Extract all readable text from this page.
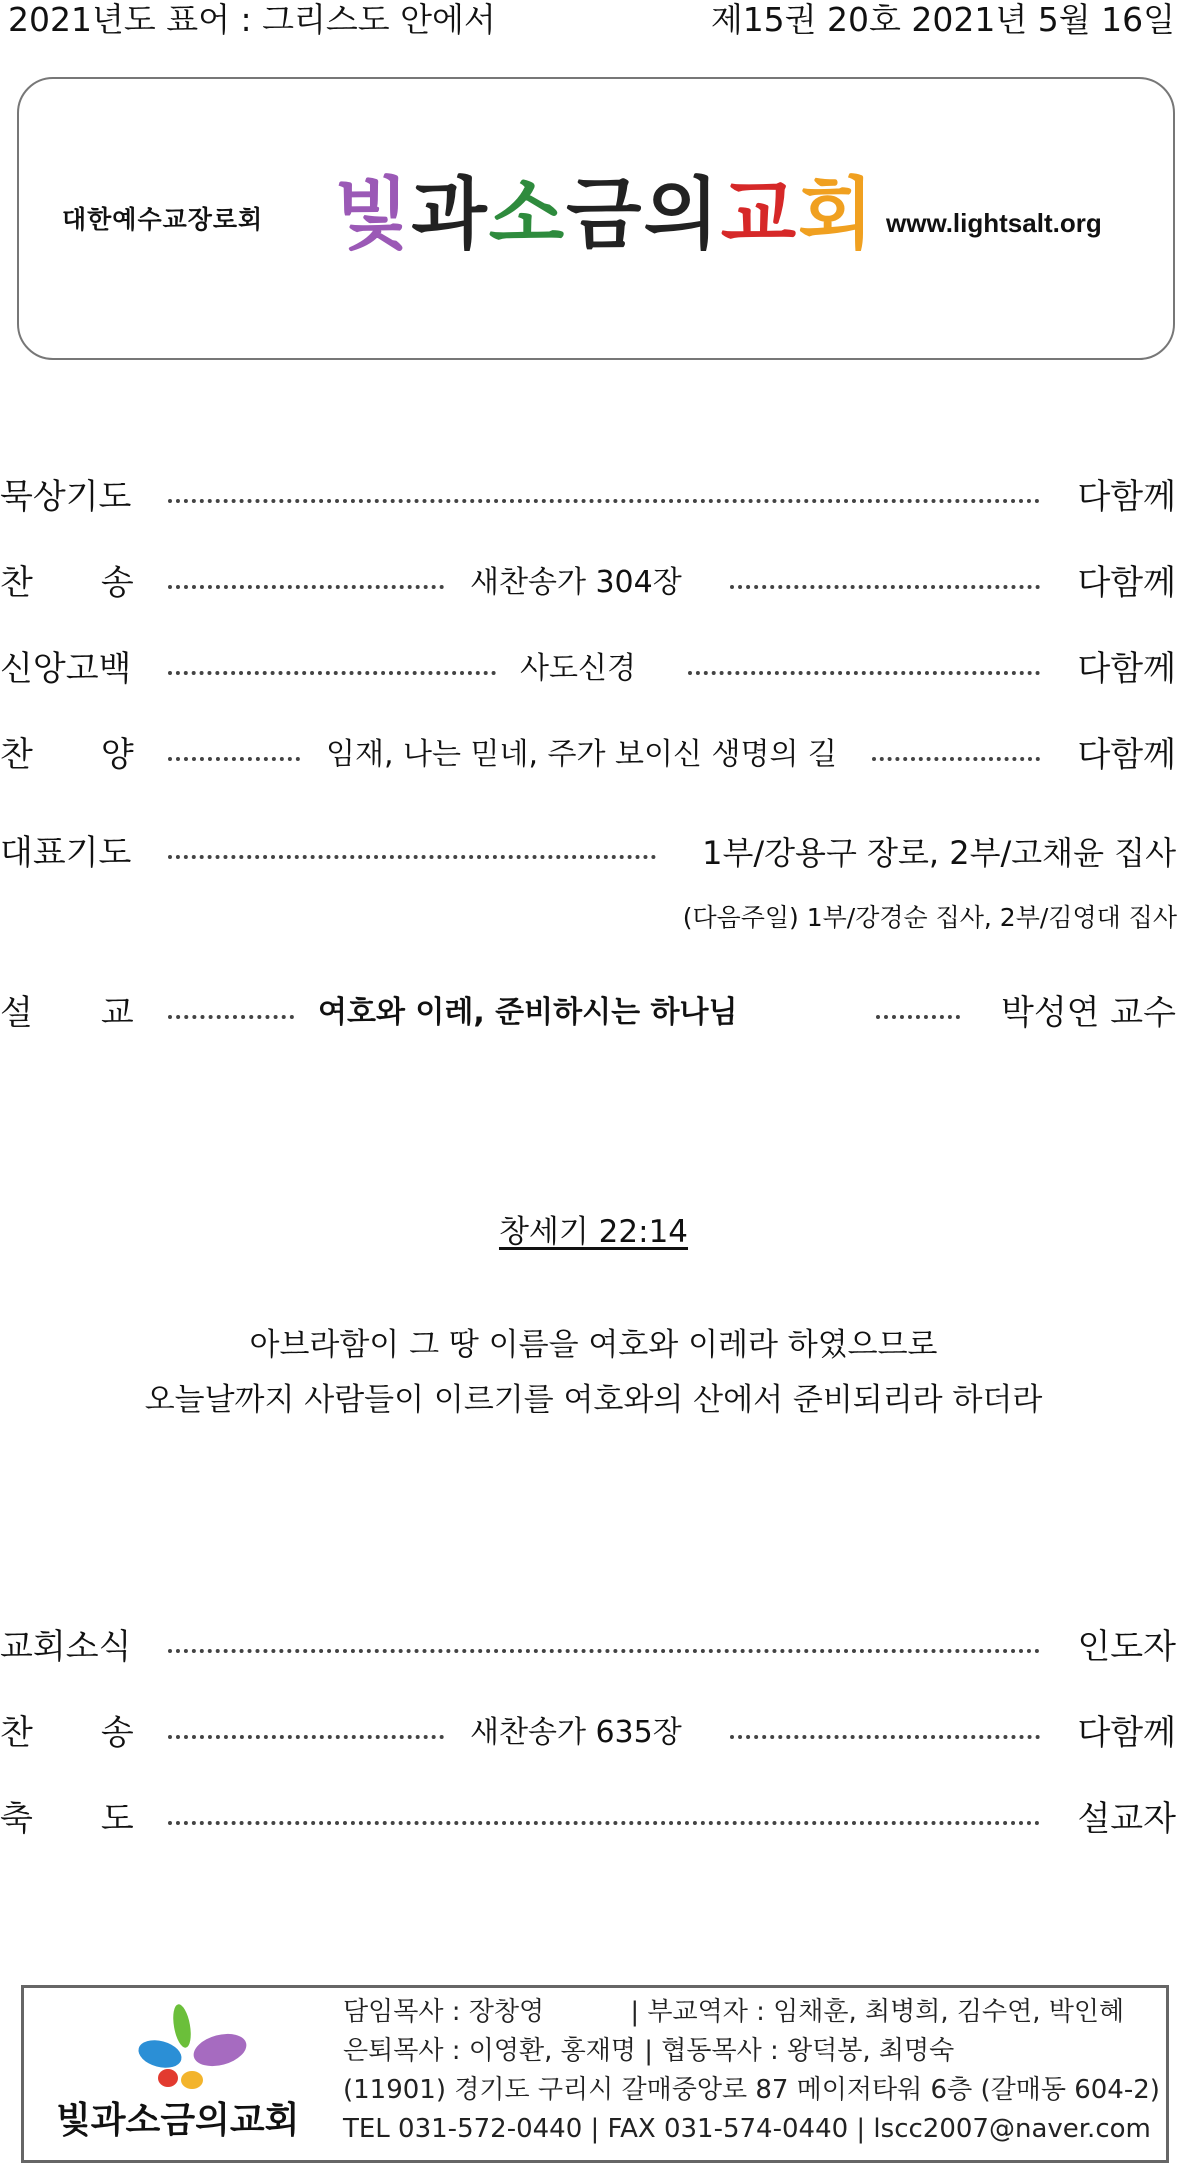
2021년도 표어 : 그리스도 안에서	제15권 20호 2021년 5월 16일
대한예수교장로회 빛과소금의교회 www.lightsalt.org
묵상기도	다함께
찬　　송	새찬송가 304장	다함께
신앙고백	사도신경	다함께
찬　　양	임재, 나는 믿네, 주가 보이신 생명의 길	다함께
대표기도	1부/강용구 장로, 2부/고채윤 집사
(다음주일) 1부/강경순 집사, 2부/김영대 집사
설　　교	여호와 이레, 준비하시는 하나님	박성연 교수
창세기 22:14
아브라함이 그 땅 이름을 여호와 이레라 하였으므로
오늘날까지 사람들이 이르기를 여호와의 산에서 준비되리라 하더라
교회소식	인도자
찬　　송	새찬송가 635장	다함께
축　　도	설교자
빛과소금의교회
담임목사 : 장창영　　　 | 부교역자 : 임채훈, 최병희, 김수연, 박인혜
은퇴목사 : 이영환, 홍재명 | 협동목사 : 왕덕봉, 최명숙
(11901) 경기도 구리시 갈매중앙로 87 메이저타워 6층 (갈매동 604-2)
TEL 031-572-0440 | FAX 031-574-0440 | lscc2007@naver.com
